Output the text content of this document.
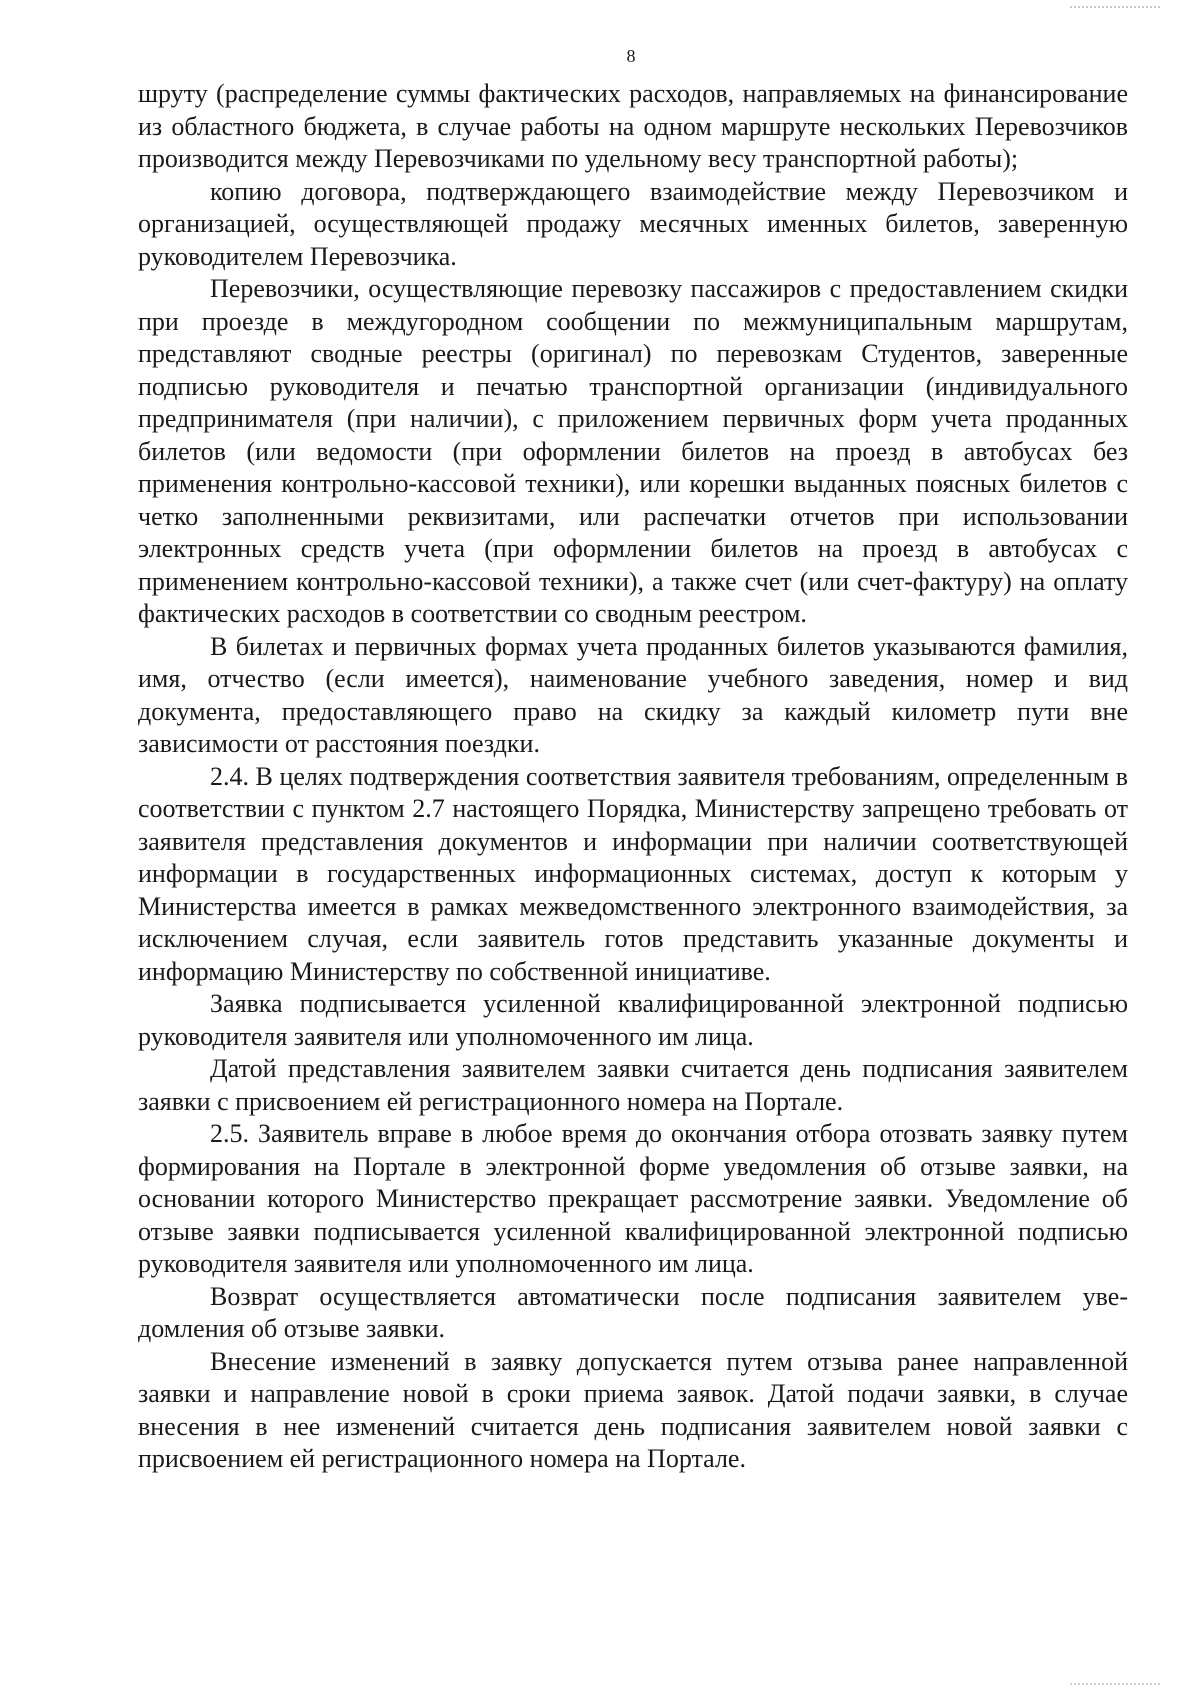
8

шруту (распределение суммы фактических расходов, направляемых на финансирование из областного бюджета, в случае работы на одном маршруте нескольких Перевозчиков производится между Перевозчиками по удельному весу транспортной работы);

копию договора, подтверждающего взаимодействие между Перевозчиком и организацией, осуществляющей продажу месячных именных билетов, заверенную руководителем Перевозчика.

Перевозчики, осуществляющие перевозку пассажиров с предоставлением скидки при проезде в междугородном сообщении по межмуниципальным маршрутам, представляют сводные реестры (оригинал) по перевозкам Студентов, заверенные подписью руководителя и печатью транспортной организации (индивидуального предпринимателя (при наличии), с приложением первичных форм учета проданных билетов (или ведомости (при оформлении билетов на проезд в автобусах без применения контрольно-кассовой техники), или корешки выданных поясных билетов с четко заполненными реквизитами, или распечатки отчетов при использовании электронных средств учета (при оформлении билетов на проезд в автобусах с применением контрольно-кассовой техники), а также счет (или счет-фактуру) на оплату фактических расходов в соответствии со сводным реестром.

В билетах и первичных формах учета проданных билетов указываются фамилия, имя, отчество (если имеется), наименование учебного заведения, номер и вид документа, предоставляющего право на скидку за каждый километр пути вне зависимости от расстояния поездки.

2.4. В целях подтверждения соответствия заявителя требованиям, определенным в соответствии с пунктом 2.7 настоящего Порядка, Министерству запрещено требовать от заявителя представления документов и информации при наличии соответствующей информации в государственных информационных системах, доступ к которым у Министерства имеется в рамках межведомственного электронного взаимодействия, за исключением случая, если заявитель готов представить указанные документы и информацию Министерству по собственной инициативе.

Заявка подписывается усиленной квалифицированной электронной подписью руководителя заявителя или уполномоченного им лица.

Датой представления заявителем заявки считается день подписания заявителем заявки с присвоением ей регистрационного номера на Портале.

2.5. Заявитель вправе в любое время до окончания отбора отозвать заявку путем формирования на Портале в электронной форме уведомления об отзыве заявки, на основании которого Министерство прекращает рассмотрение заявки. Уведомление об отзыве заявки подписывается усиленной квалифицированной электронной подписью руководителя заявителя или уполномоченного им лица.

Возврат осуществляется автоматически после подписания заявителем уведомления об отзыве заявки.

Внесение изменений в заявку допускается путем отзыва ранее направленной заявки и направление новой в сроки приема заявок. Датой подачи заявки, в случае внесения в нее изменений считается день подписания заявителем новой заявки с присвоением ей регистрационного номера на Портале.
